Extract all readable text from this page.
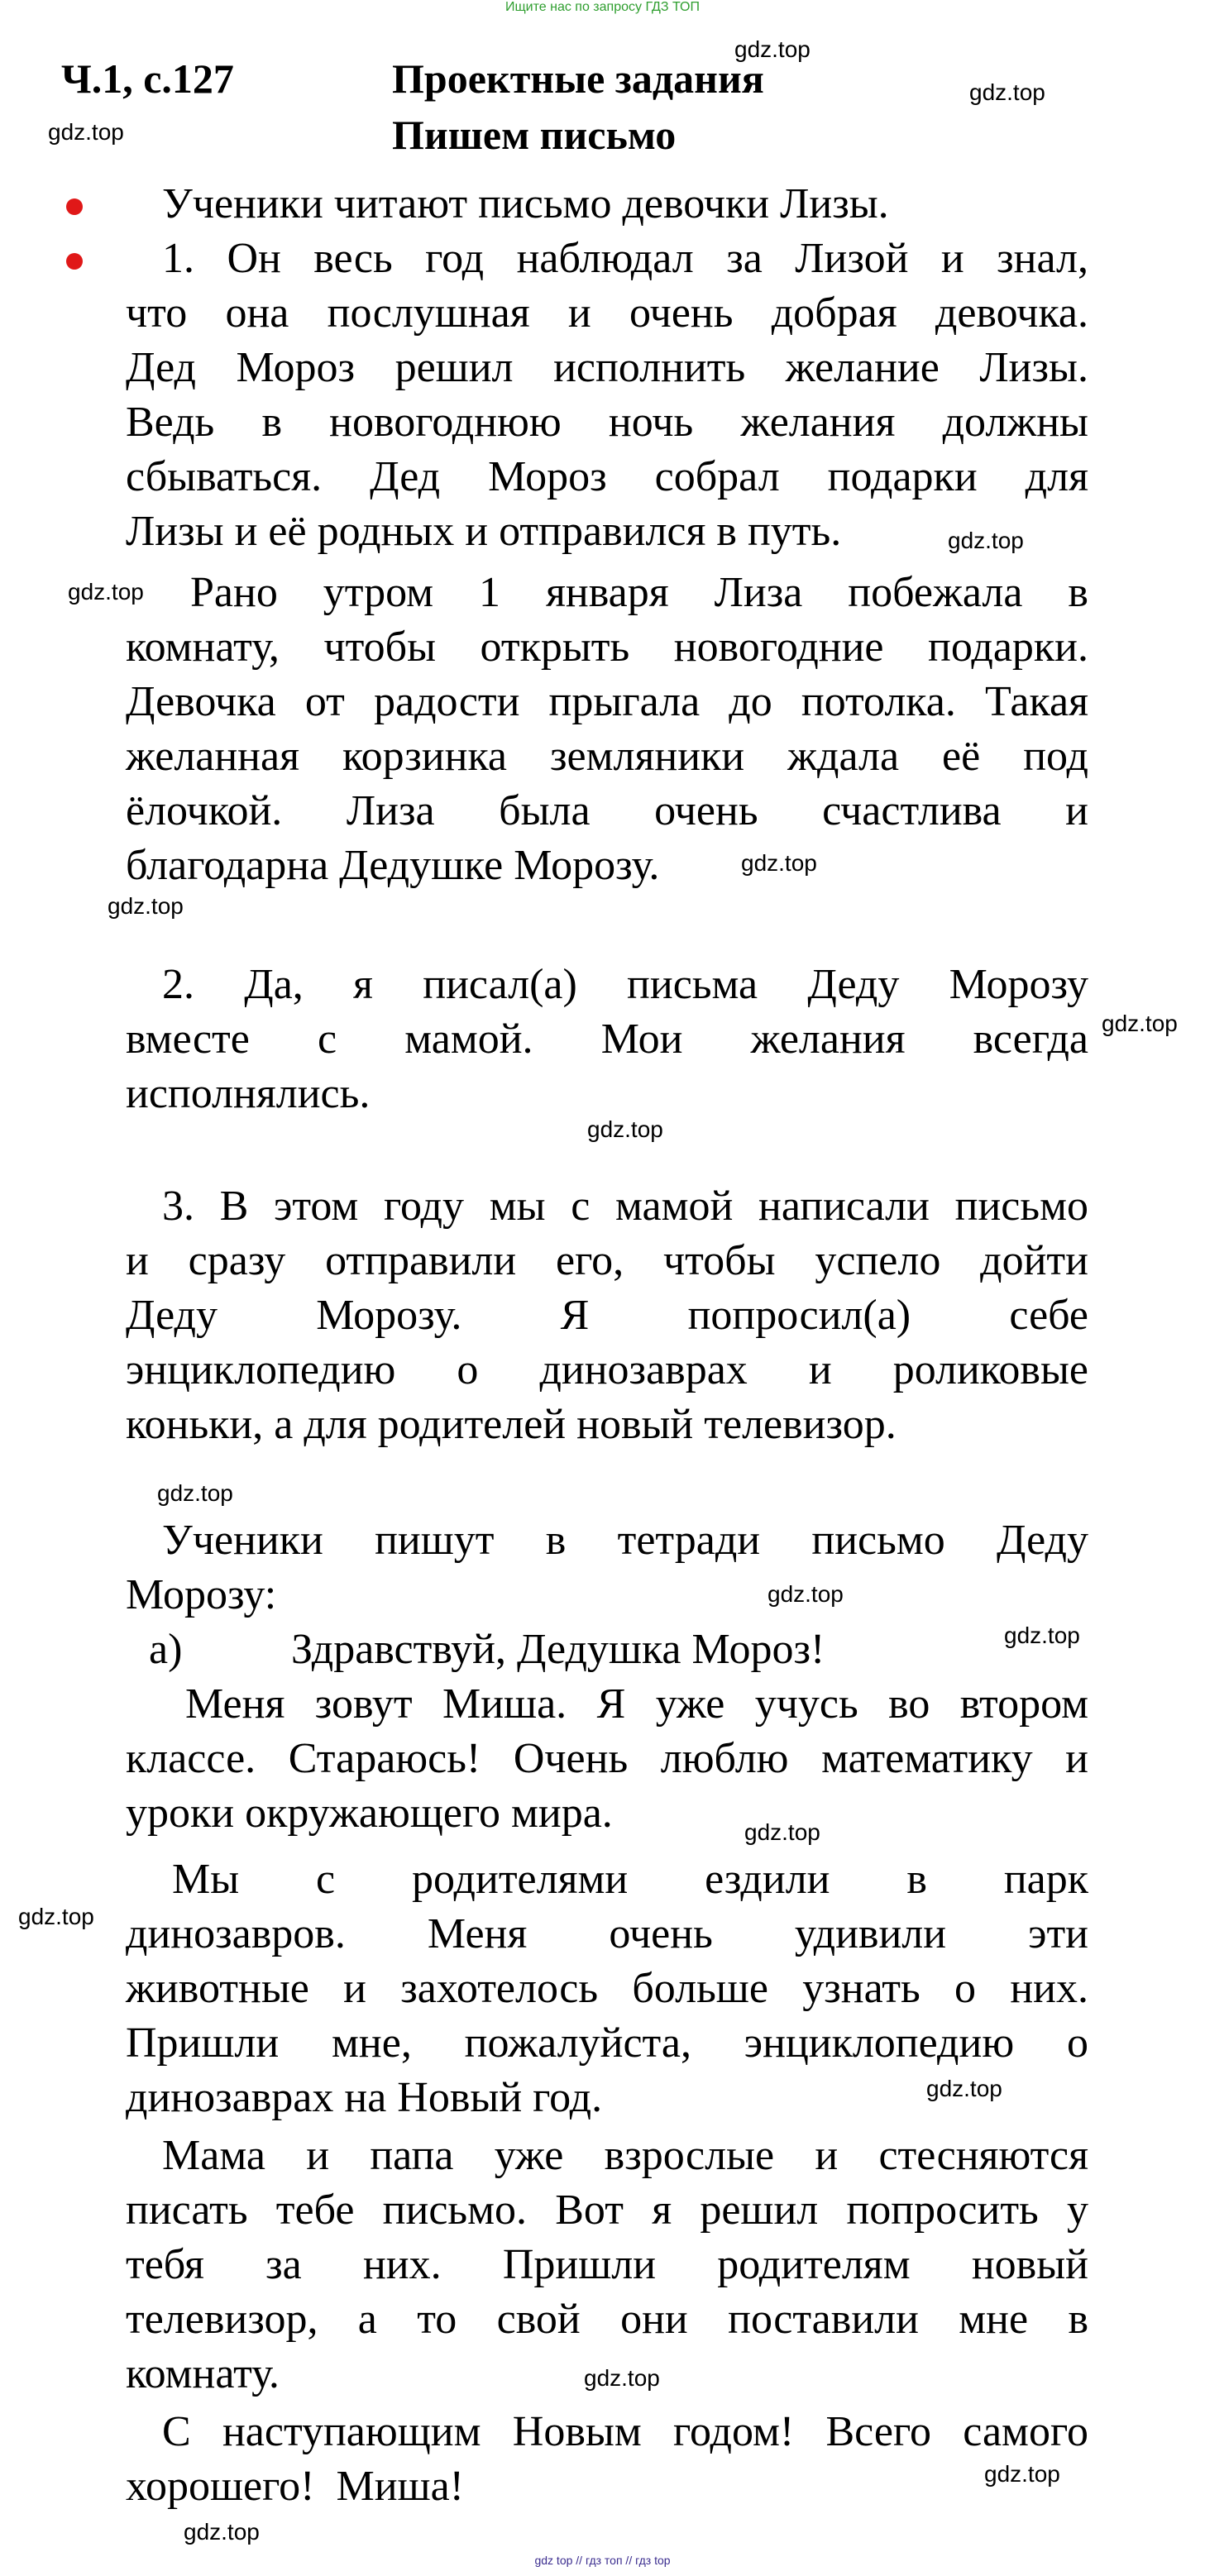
Ищите нас по запросу ГДЗ ТОП
Ч.1, с.127	Проектные задания
Пишем письмо
gdz.top
gdz.top
gdz.top
gdz.top
gdz.top
gdz.top
gdz.top
gdz.top
gdz.top
gdz.top
gdz.top
gdz.top
gdz.top
gdz.top
gdz.top
gdz.top
gdz.top
gdz.top
Ученики читают письмо девочки Лизы.
1. Он весь год наблюдал за Лизой и знал,
что она послушная и очень добрая девочка.
Дед Мороз решил исполнить желание Лизы.
Ведь в новогоднюю ночь желания должны
сбываться. Дед Мороз собрал подарки для
Лизы и её родных и отправился в путь.
Рано утром 1 января Лиза побежала в
комнату, чтобы открыть новогодние подарки.
Девочка от радости прыгала до потолка. Такая
желанная корзинка земляники ждала её под
ёлочкой. Лиза была очень счастлива и
благодарна Дедушке Морозу.
2. Да, я писал(а) письма Деду Морозу
вместе с мамой. Мои желания всегда
исполнялись.
3. В этом году мы с мамой написали письмо
и сразу отправили его, чтобы успело дойти
Деду Морозу. Я попросил(а) себе
энциклопедию о динозаврах и роликовые
коньки, а для родителей новый телевизор.
Ученики пишут в тетради письмо Деду
Морозу:
а)	Здравствуй, Дедушка Мороз!
Меня зовут Миша. Я уже учусь во втором
классе. Стараюсь! Очень люблю математику и
уроки окружающего мира.
Мы с родителями ездили в парк
динозавров. Меня очень удивили эти
животные и захотелось больше узнать о них.
Пришли мне, пожалуйста, энциклопедию о
динозаврах на Новый год.
Мама и папа уже взрослые и стесняются
писать тебе письмо. Вот я решил попросить у
тебя за них. Пришли родителям новый
телевизор, а то свой они поставили мне в
комнату.
С наступающим Новым годом! Всего самого
хорошего!  Миша!
gdz top // гдз топ // гдз top
